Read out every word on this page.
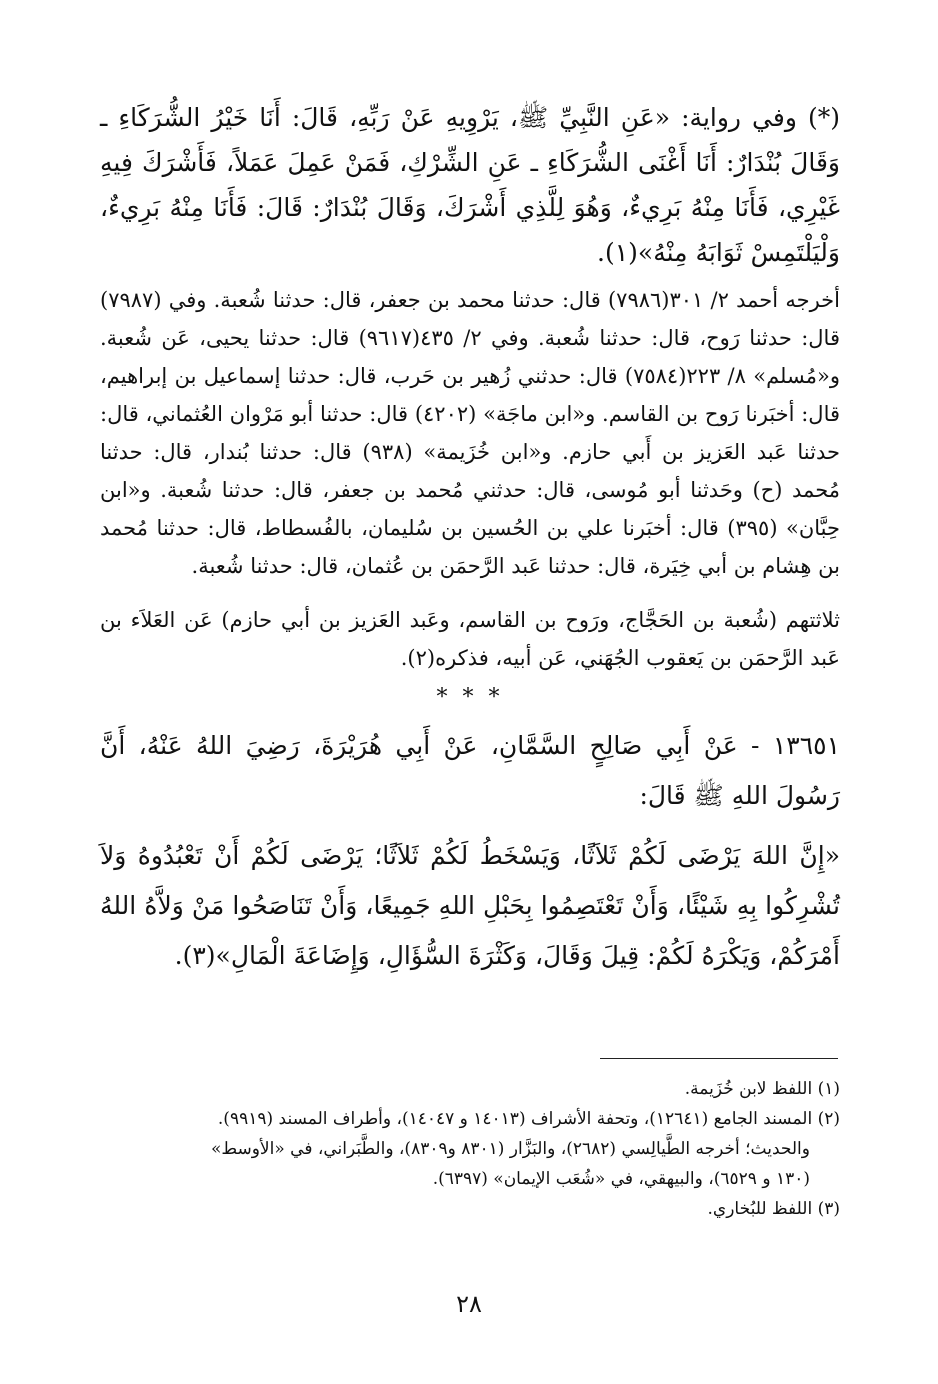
(*) وفي رواية: «عَنِ النَّبِيِّ ﷺ، يَرْوِيهِ عَنْ رَبِّهِ، قَالَ: أَنَا خَيْرُ الشُّرَكَاءِ ـ وَقَالَ بُنْدَارٌ: أَنَا أَغْنَى الشُّرَكَاءِ ـ عَنِ الشِّرْكِ، فَمَنْ عَمِلَ عَمَلاً، فَأَشْرَكَ فِيهِ غَيْرِي، فَأَنَا مِنْهُ بَرِيءٌ، وَهُوَ لِلَّذِي أَشْرَكَ، وَقَالَ بُنْدَارٌ: قَالَ: فَأَنَا مِنْهُ بَرِيءٌ، وَلْيَلْتَمِسْ ثَوَابَهُ مِنْهُ»(١).

أخرجه أحمد ٢/ ٣٠١(٧٩٨٦) قال: حدثنا محمد بن جعفر، قال: حدثنا شُعبة. وفي (٧٩٨٧) قال: حدثنا رَوح، قال: حدثنا شُعبة. وفي ٢/ ٤٣٥(٩٦١٧) قال: حدثنا يحيى، عَن شُعبة. و«مُسلم» ٨/ ٢٢٣(٧٥٨٤) قال: حدثني زُهير بن حَرب، قال: حدثنا إسماعيل بن إبراهيم، قال: أخبَرنا رَوح بن القاسم. و«ابن ماجَة» (٤٢٠٢) قال: حدثنا أبو مَرْوان العُثماني، قال: حدثنا عَبد العَزيز بن أَبي حازم. و«ابن خُزَيمة» (٩٣٨) قال: حدثنا بُندار، قال: حدثنا مُحمد (ح) وحَدثنا أبو مُوسى، قال: حدثني مُحمد بن جعفر، قال: حدثنا شُعبة. و«ابن حِبَّان» (٣٩٥) قال: أخبَرنا علي بن الحُسين بن سُليمان، بالفُسطاط، قال: حدثنا مُحمد بن هِشام بن أبي خِيَرة، قال: حدثنا عَبد الرَّحمَن بن عُثمان، قال: حدثنا شُعبة.

ثلاثتهم (شُعبة بن الحَجَّاج، ورَوح بن القاسم، وعَبد العَزيز بن أبي حازم) عَن العَلاَء بن عَبد الرَّحمَن بن يَعقوب الجُهَني، عَن أبيه، فذكره(٢).

* * *

١٣٦٥١ - عَنْ أَبِي صَالِحٍ السَّمَّانِ، عَنْ أَبِي هُرَيْرَةَ، رَضِيَ اللهُ عَنْهُ، أَنَّ رَسُولَ اللهِ ﷺ قَالَ:

«إِنَّ اللهَ يَرْضَى لَكُمْ ثَلاَثًا، وَيَسْخَطُ لَكُمْ ثَلاَثًا؛ يَرْضَى لَكُمْ أَنْ تَعْبُدُوهُ وَلاَ تُشْرِكُوا بِهِ شَيْئًا، وَأَنْ تَعْتَصِمُوا بِحَبْلِ اللهِ جَمِيعًا، وَأَنْ تَنَاصَحُوا مَنْ وَلاَّهُ اللهُ أَمْرَكُمْ، وَيَكْرَهُ لَكُمْ: قِيلَ وَقَالَ، وَكَثْرَةَ السُّؤَالِ، وَإِضَاعَةَ الْمَالِ»(٣).

(١) اللفظ لابن خُزَيمة.

(٢) المسند الجامع (١٢٦٤١)، وتحفة الأشراف (١٤٠١٣ و ١٤٠٤٧)، وأطراف المسند (٩٩١٩).

والحديث؛ أخرجه الطَّيالِسي (٢٦٨٢)، والبَزَّار (٨٣٠١ و٨٣٠٩)، والطَّبَراني، في «الأوسط»

(١٣٠ و ٦٥٢٩)، والبيهقي، في «شُعَب الإيمان» (٦٣٩٧).

(٣) اللفظ للبُخاري.

٢٨
